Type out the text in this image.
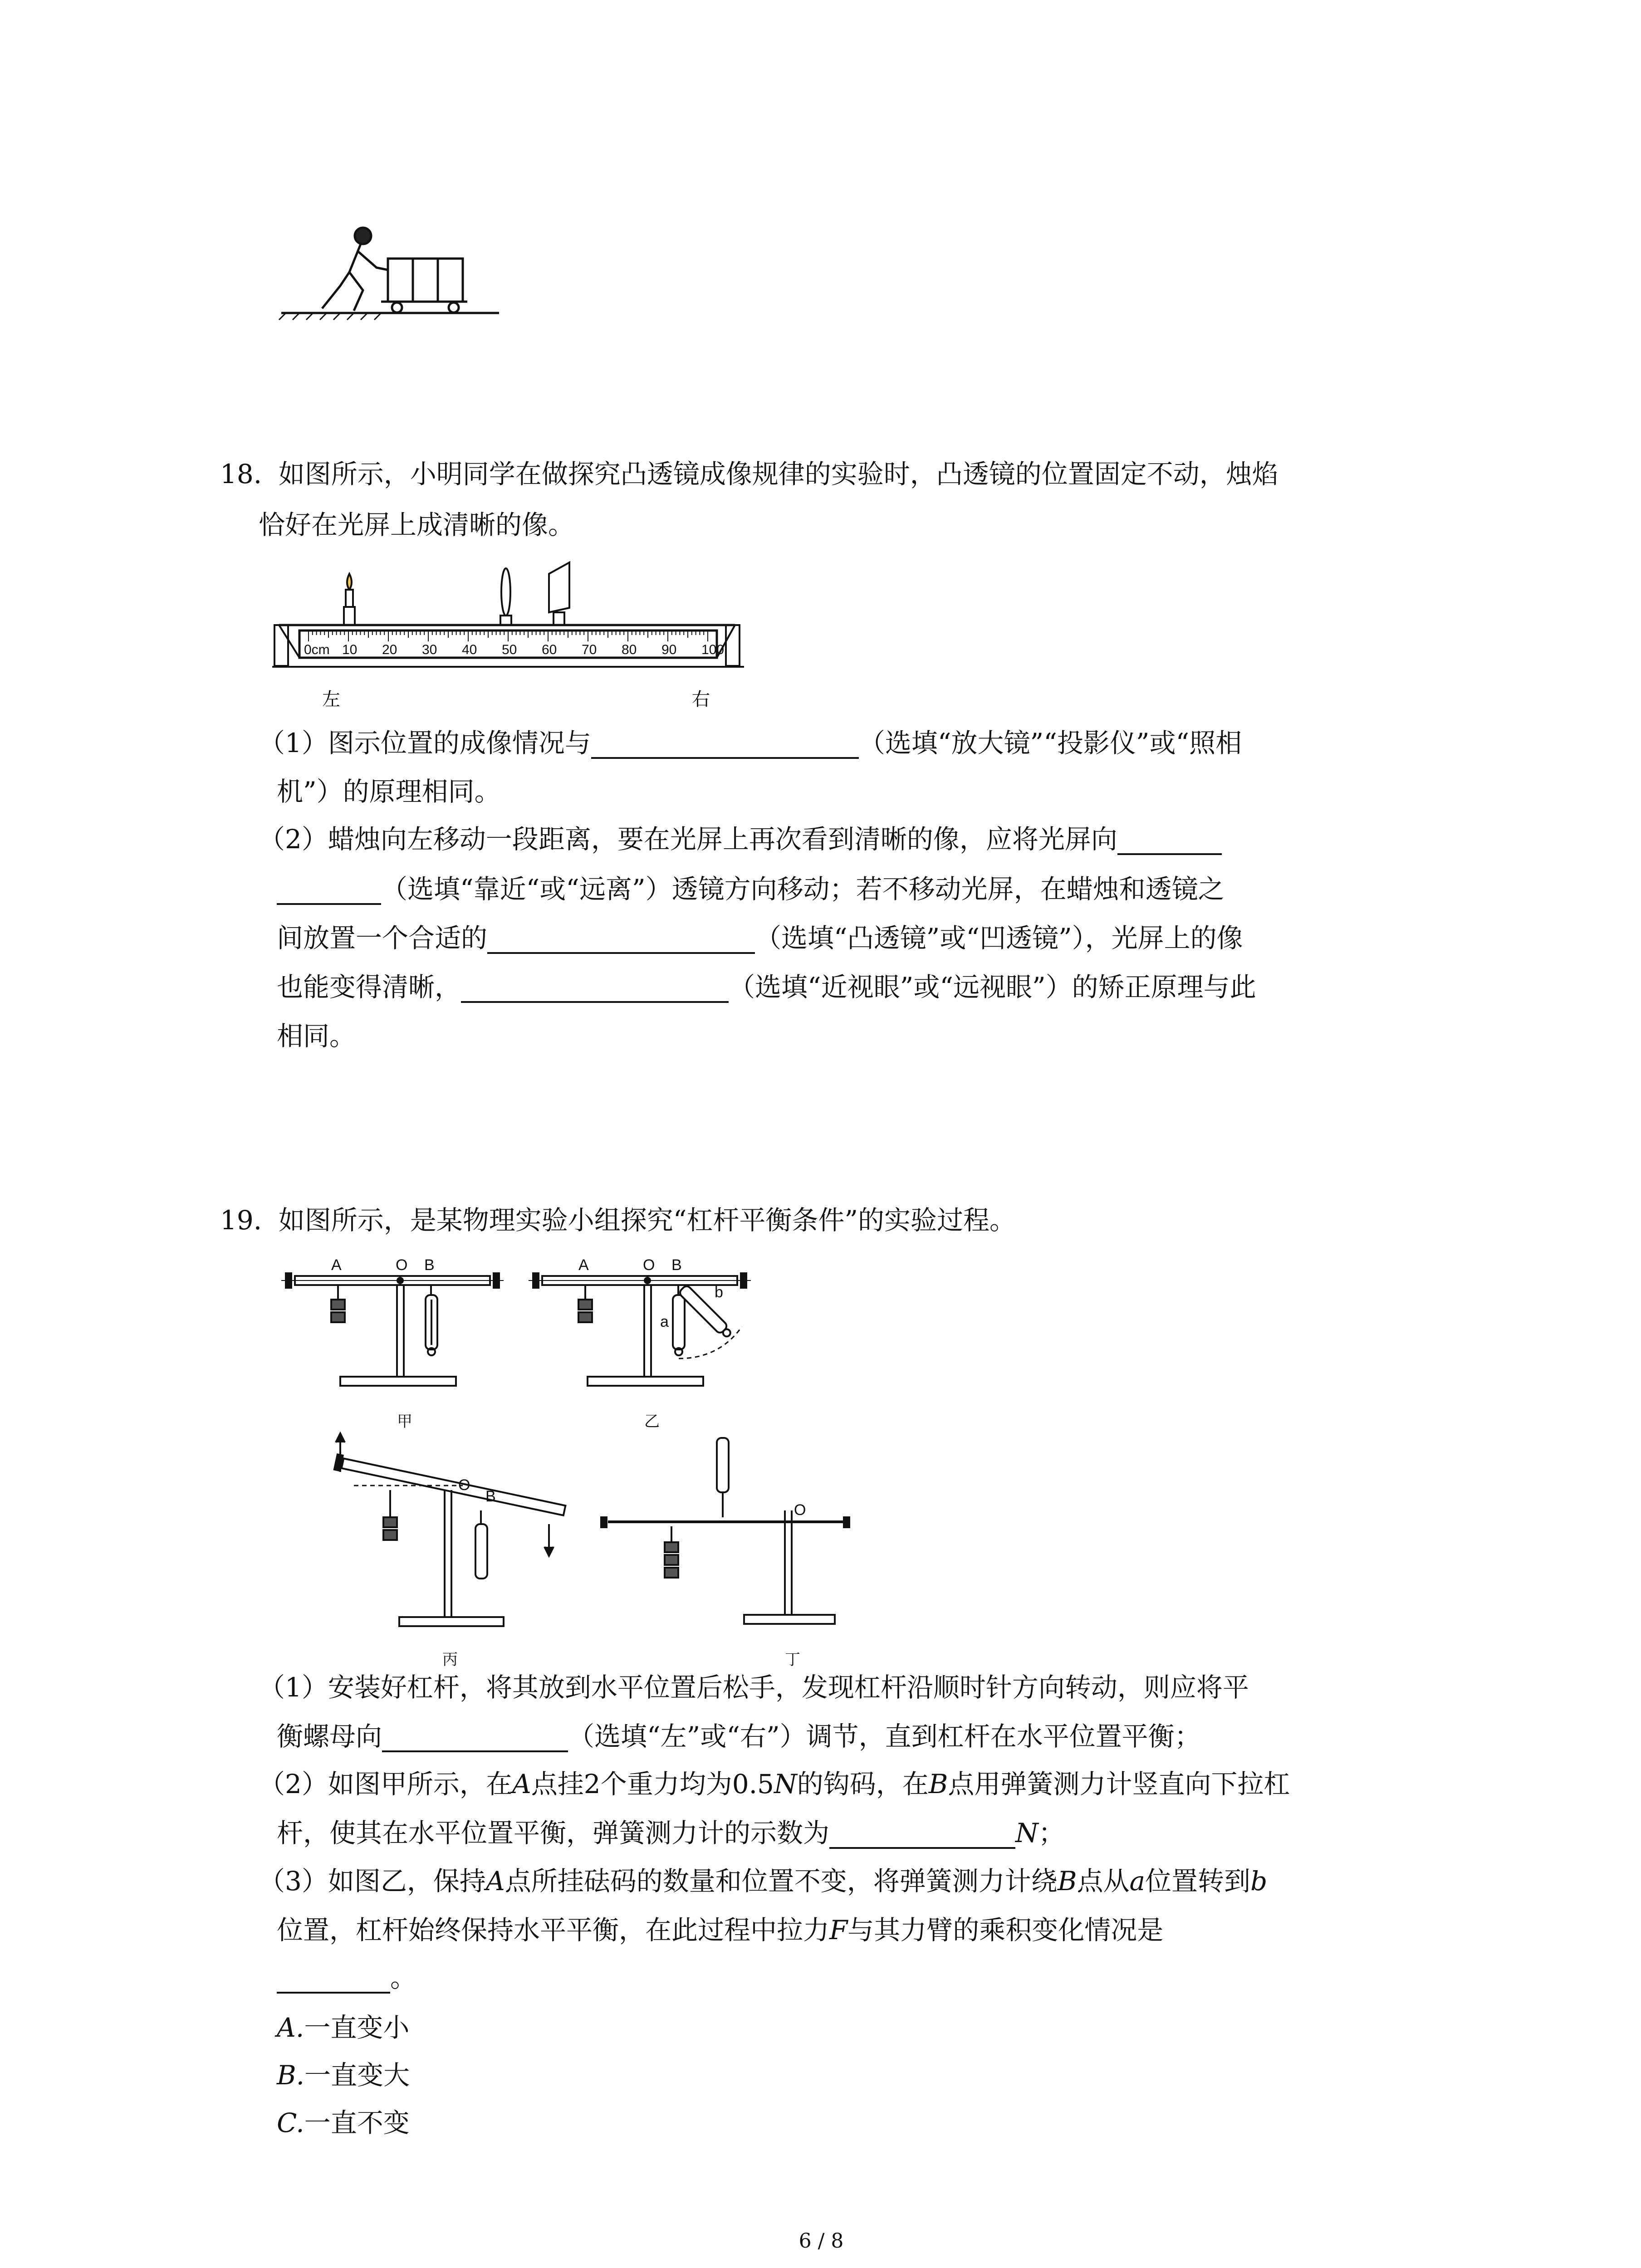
18. 如图所示，小明同学在做探究凸透镜成像规律的实验时，凸透镜的位置固定不动，烛焰
恰好在光屏上成清晰的像。
0cm 10 20 30 40 50 60 70 80 90 100
左	右
（1）图示位置的成像情况与	（选填“放大镜”“投影仪”或“照相
机”）的原理相同。
（2）蜡烛向左移动一段距离，要在光屏上再次看到清晰的像，应将光屏向
（选填“靠近“或“远离”）透镜方向移动；若不移动光屏，在蜡烛和透镜之
间放置一个合适的	（选填“凸透镜”或“凹透镜”），光屏上的像
也能变得清晰，	（选填“近视眼”或“远视眼”）的矫正原理与此
相同。
19. 如图所示，是某物理实验小组探究“杠杆平衡条件”的实验过程。
A	O B
甲
A	O B
a
b
乙
O
B
丙
O
丁
（1）安装好杠杆，将其放到水平位置后松手，发现杠杆沿顺时针方向转动，则应将平
衡螺母向	（选填“左”或“右”）调节，直到杠杆在水平位置平衡；
（2）如图甲所示，在A点挂2个重力均为0.5N的钩码，在B点用弹簧测力计竖直向下拉杠
杆，使其在水平位置平衡，弹簧测力计的示数为	N；
（3）如图乙，保持A点所挂砝码的数量和位置不变，将弹簧测力计绕B点从a位置转到b
位置，杠杆始终保持水平平衡，在此过程中拉力F与其力臂的乘积变化情况是
。
A.一直变小
B.一直变大
C.一直不变
6 / 8
